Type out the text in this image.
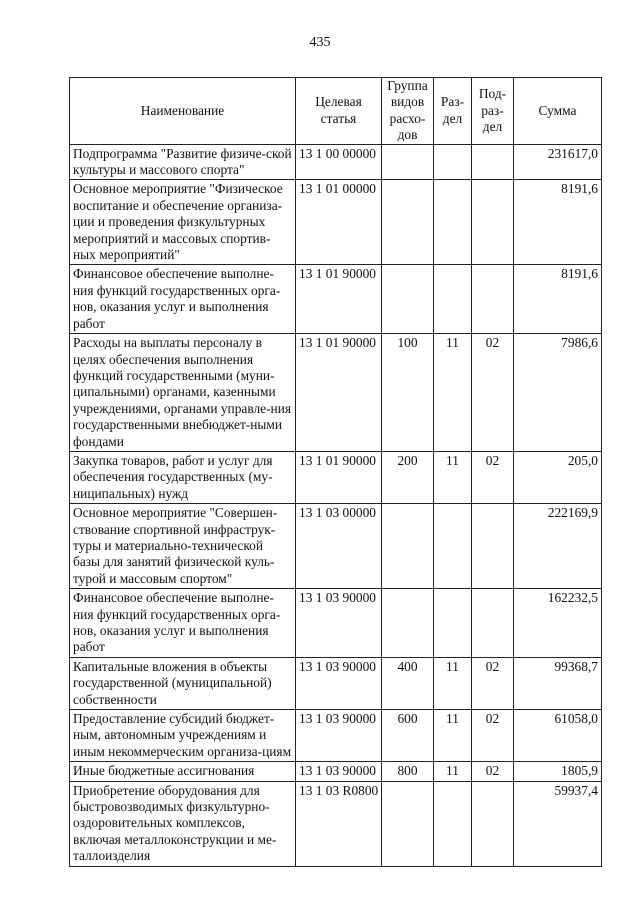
435
Наименование	Целевая статья	Группа видов расхо-дов	Раз-дел	Под-раз-дел	Сумма
Подпрограмма "Развитие физиче-ской культуры и массового спорта"	13 1 00 00000				231617,0
Основное мероприятие "Физическое воспитание и обеспечение организа-ции и проведения физкультурных мероприятий и массовых спортив-ных мероприятий"	13 1 01 00000				8191,6
Финансовое обеспечение выполне-ния функций государственных орга-нов, оказания услуг и выполнения работ	13 1 01 90000				8191,6
Расходы на выплаты персоналу в целях обеспечения выполнения функций государственными (муни-ципальными) органами, казенными учреждениями, органами управле-ния государственными внебюджет-ными фондами	13 1 01 90000	100	11	02	7986,6
Закупка товаров, работ и услуг для обеспечения государственных (му-ниципальных) нужд	13 1 01 90000	200	11	02	205,0
Основное мероприятие "Совершен-ствование спортивной инфраструк-туры и материально-технической базы для занятий физической куль-турой и массовым спортом"	13 1 03 00000				222169,9
Финансовое обеспечение выполне-ния функций государственных орга-нов, оказания услуг и выполнения работ	13 1 03 90000				162232,5
Капитальные вложения в объекты государственной (муниципальной) собственности	13 1 03 90000	400	11	02	99368,7
Предоставление субсидий бюджет-ным, автономным учреждениям и иным некоммерческим организа-циям	13 1 03 90000	600	11	02	61058,0
Иные бюджетные ассигнования	13 1 03 90000	800	11	02	1805,9
Приобретение оборудования для быстровозводимых физкультурно-оздоровительных комплексов, включая металлоконструкции и ме-таллоизделия	13 1 03 R0800				59937,4
